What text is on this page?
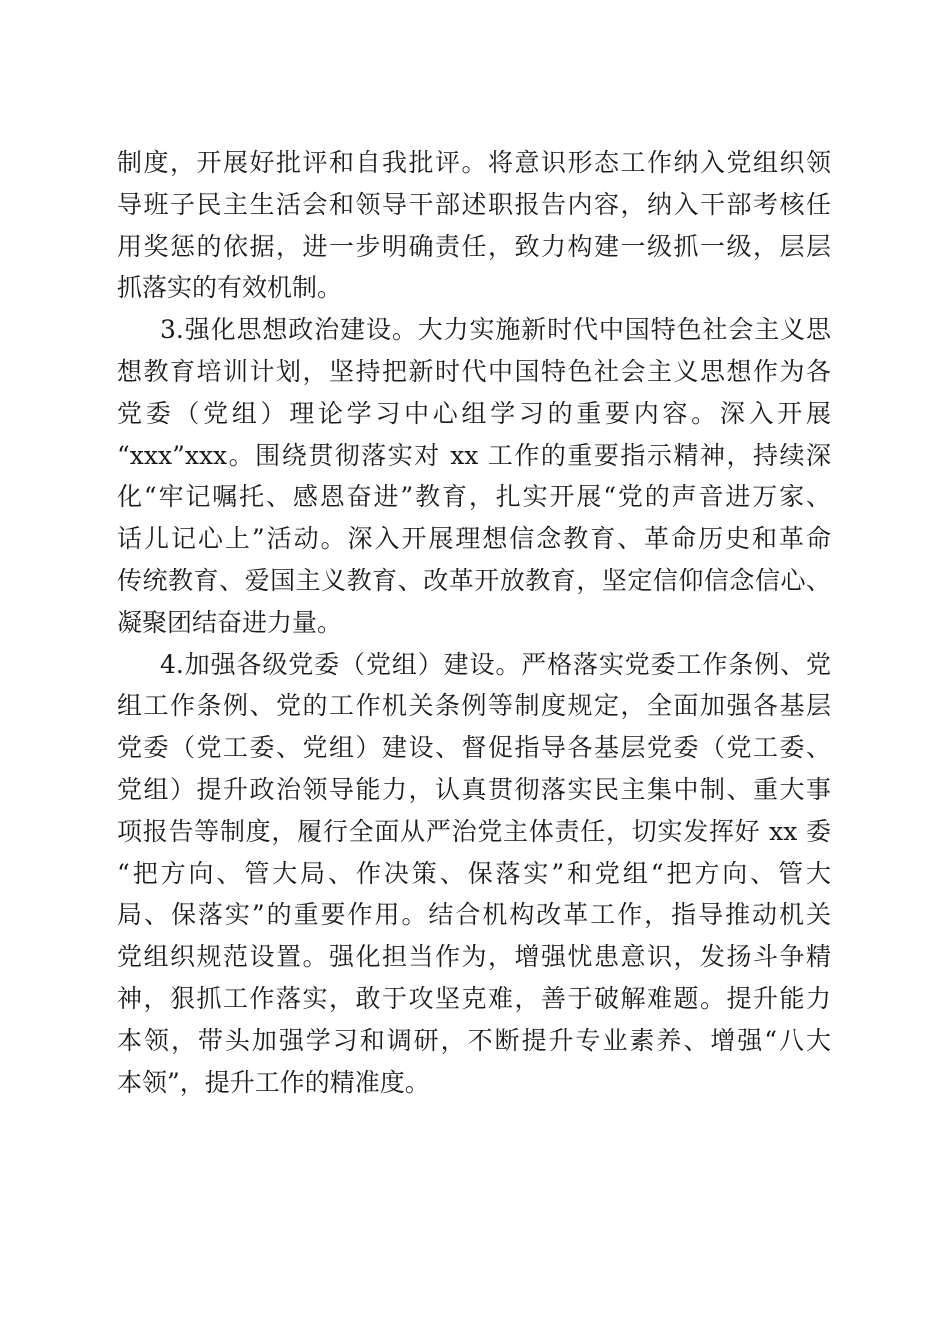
制度，开展好批评和自我批评。将意识形态工作纳入党组织领
导班子民主生活会和领导干部述职报告内容，纳入干部考核任
用奖惩的依据，进一步明确责任，致力构建一级抓一级，层层
抓落实的有效机制。
3.强化思想政治建设。大力实施新时代中国特色社会主义思
想教育培训计划，坚持把新时代中国特色社会主义思想作为各
党委（党组）理论学习中心组学习的重要内容。深入开展
“xxx”xxx。围绕贯彻落实对 xx 工作的重要指示精神，持续深
化“牢记嘱托、感恩奋进”教育，扎实开展“党的声音进万家、
话儿记心上”活动。深入开展理想信念教育、革命历史和革命
传统教育、爱国主义教育、改革开放教育，坚定信仰信念信心、
凝聚团结奋进力量。
4.加强各级党委（党组）建设。严格落实党委工作条例、党
组工作条例、党的工作机关条例等制度规定，全面加强各基层
党委（党工委、党组）建设、督促指导各基层党委（党工委、
党组）提升政治领导能力，认真贯彻落实民主集中制、重大事
项报告等制度，履行全面从严治党主体责任，切实发挥好 xx 委
“把方向、管大局、作决策、保落实”和党组“把方向、管大
局、保落实”的重要作用。结合机构改革工作，指导推动机关
党组织规范设置。强化担当作为，增强忧患意识，发扬斗争精
神，狠抓工作落实，敢于攻坚克难，善于破解难题。提升能力
本领，带头加强学习和调研，不断提升专业素养、增强“八大
本领”，提升工作的精准度。
